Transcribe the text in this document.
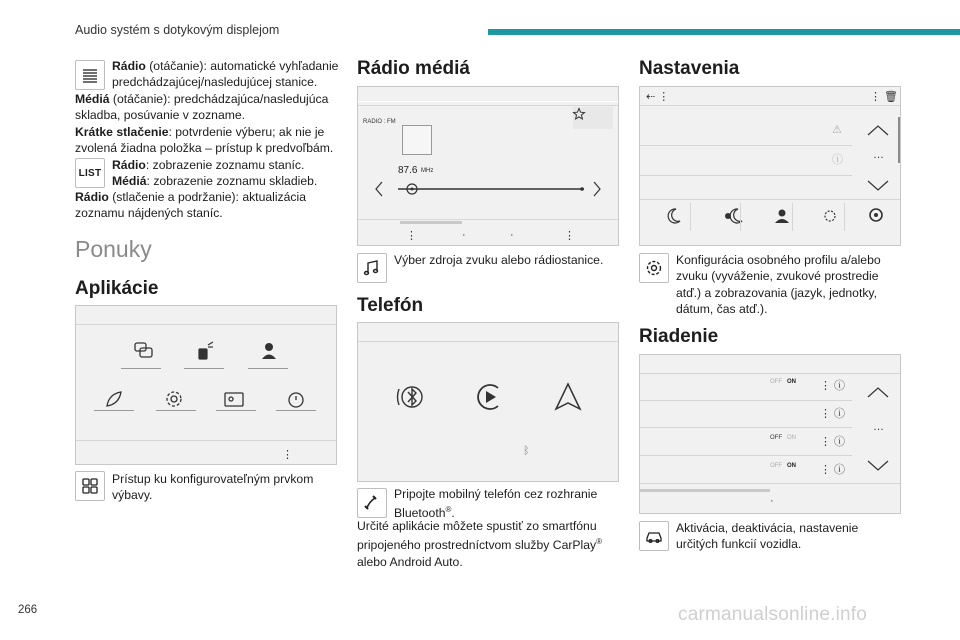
Audio systém s dotykovým displejom
Rádio (otáčanie): automatické vyhľadanie predchádzajúcej/nasledujúcej stanice.
Médiá (otáčanie): predchádzajúca/nasledujúca skladba, posúvanie v zozname.
Krátke stlačenie: potvrdenie výberu; ak nie je zvolená žiadna položka – prístup k predvoľbám.
LIST
Rádio: zobrazenie zoznamu staníc.
Médiá: zobrazenie zoznamu skladieb.
Rádio (stlačenie a podržanie): aktualizácia zoznamu nájdených staníc.
Ponuky
Aplikácie
⋮
Prístup ku konfigurovateľným prvkom výbavy.
Rádio médiá
RADIO : FM
87.6 MHz
⋮	·	·	⋮
Výber zdroja zvuku alebo rádiostanice.
Telefón
ᛒ
Pripojte mobilný telefón cez rozhranie Bluetooth®.
Určité aplikácie môžete spustiť zo smartfónu pripojeného prostredníctvom služby CarPlay® alebo Android Auto.
Nastavenia
⇠ ⋮	⋮ 🗑
⚠
ⓘ	…
Konfigurácia osobného profilu a/alebo zvuku (vyváženie, zvukové prostredie atď.) a zobrazovania (jazyk, jednotky, dátum, čas atď.).
Riadenie
OFF ON
OFF ON
OFF ON
⋮ ⓘ
⋮ ⓘ
⋮ ⓘ
⋮ ⓘ
…
·
Aktivácia, deaktivácia, nastavenie určitých funkcií vozidla.
266	carmanualsonline.info
